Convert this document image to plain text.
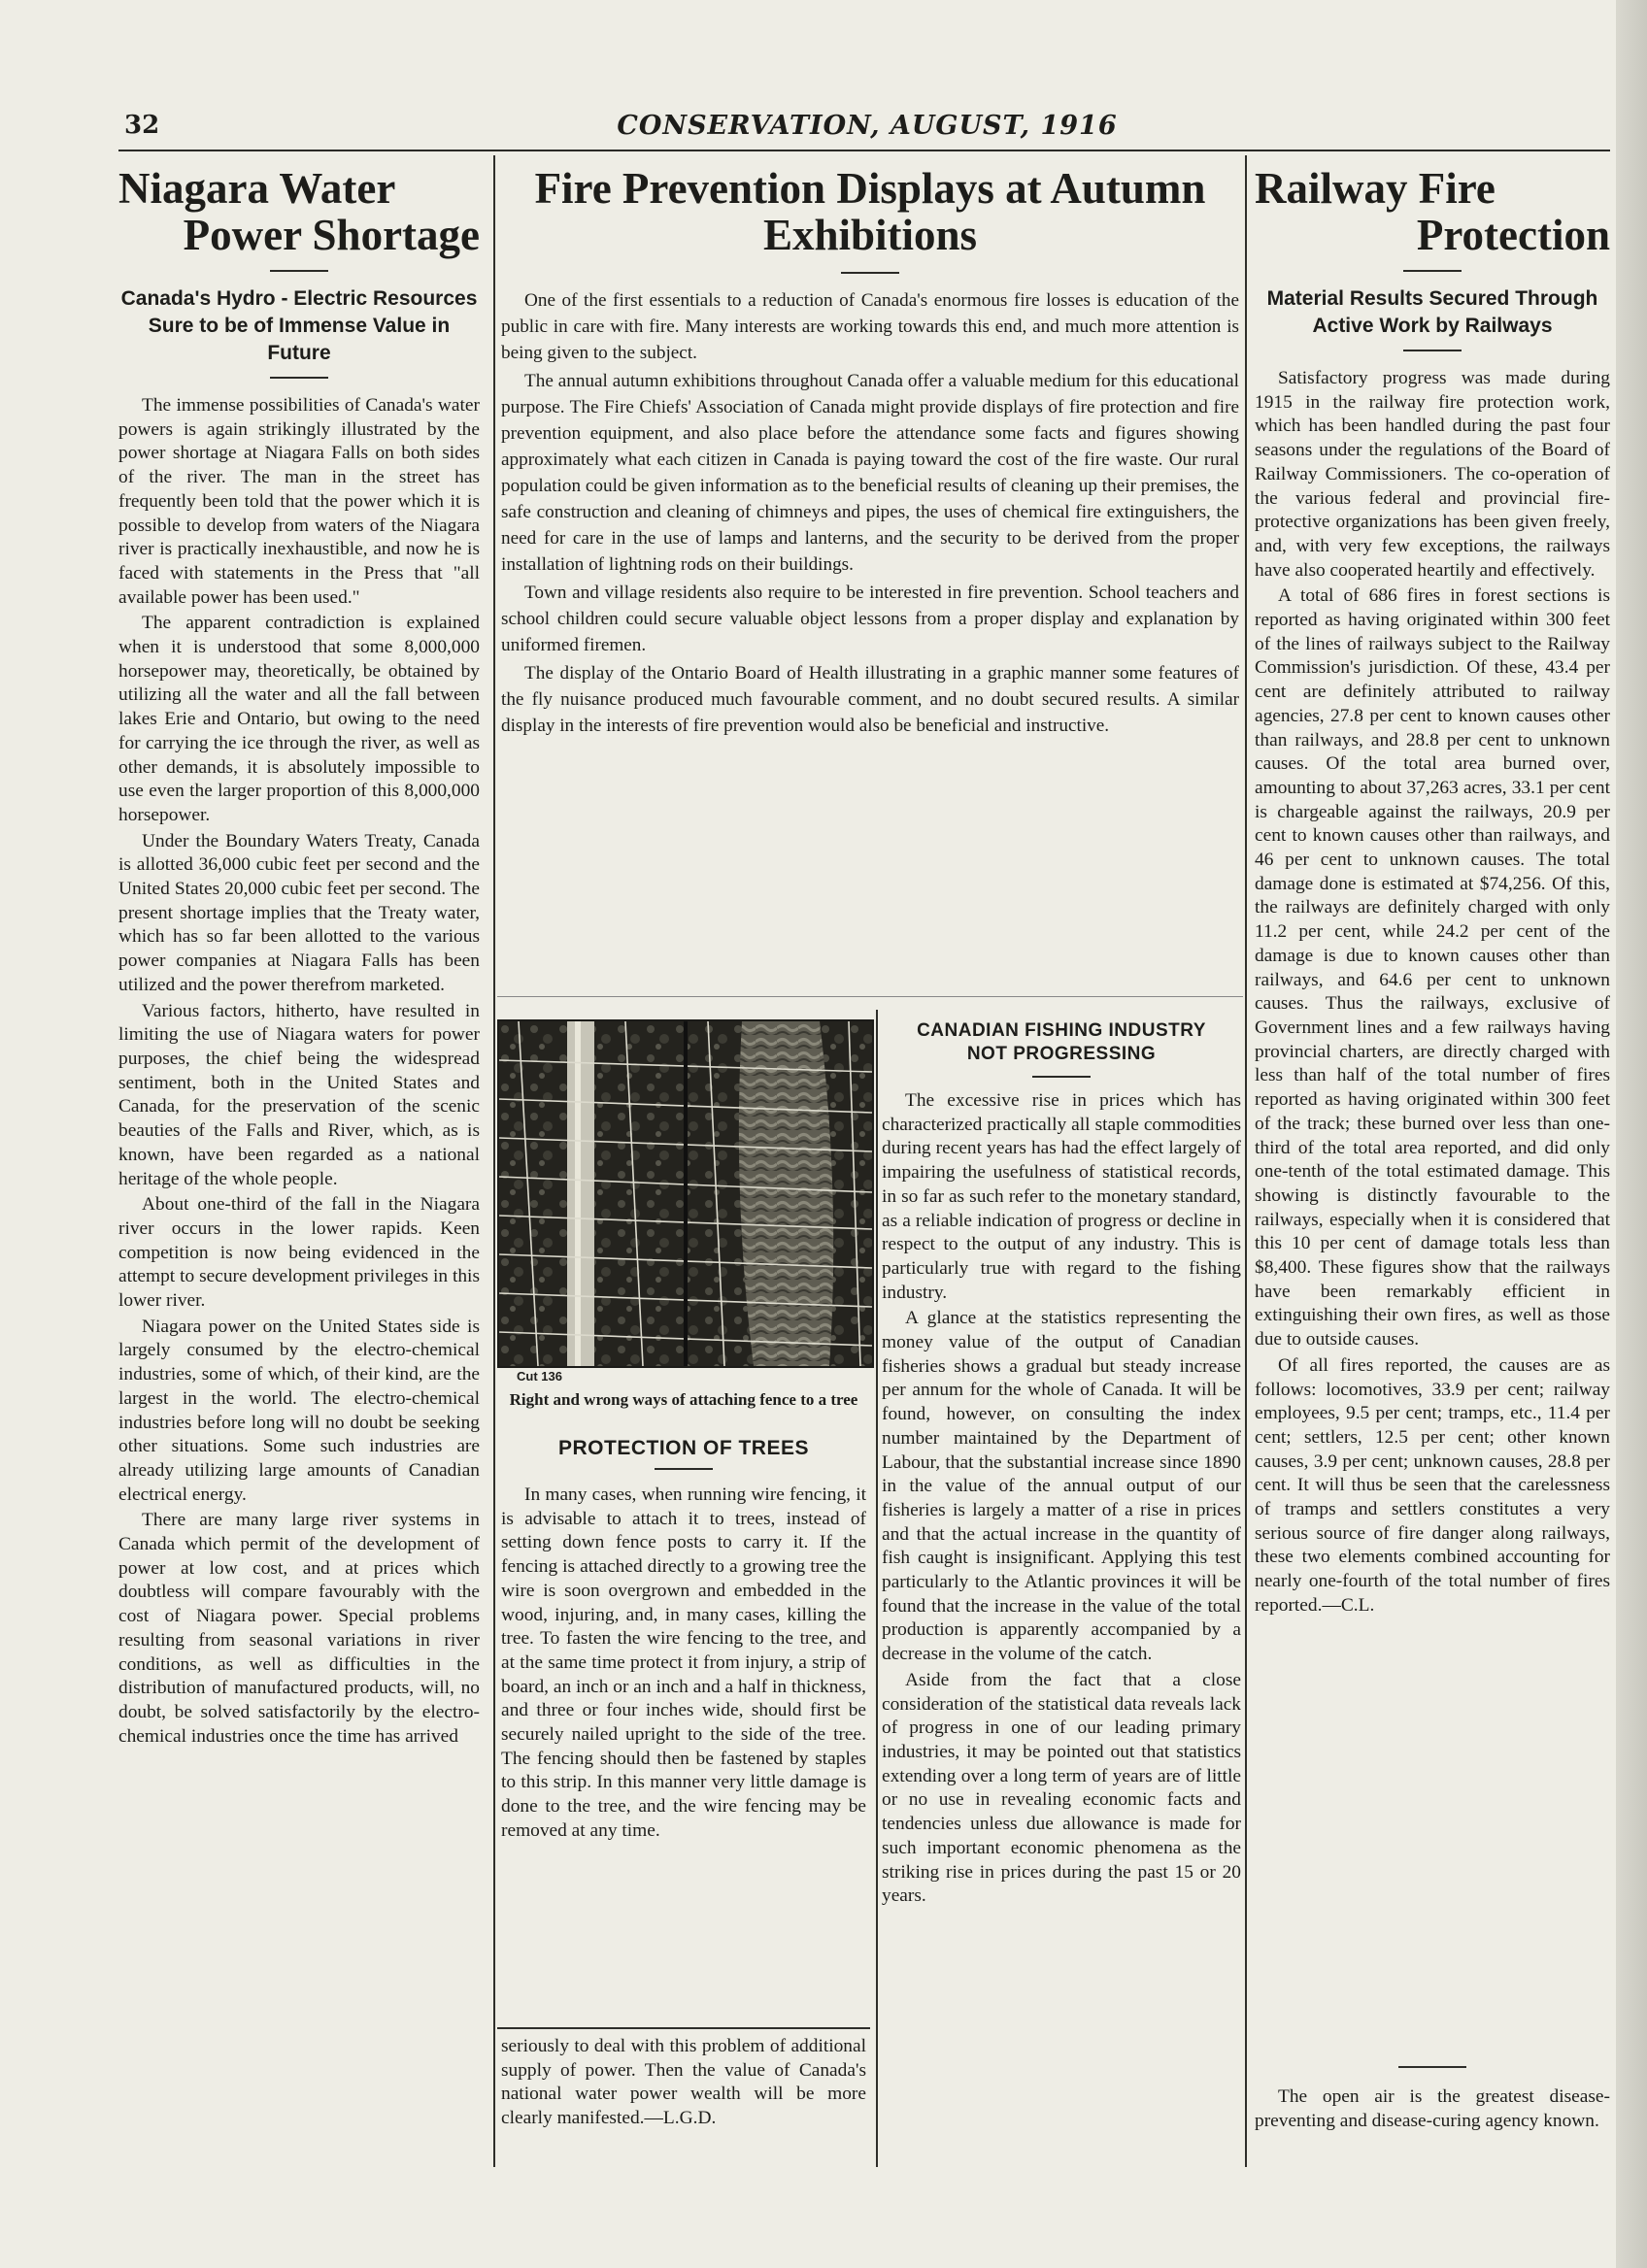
32	CONSERVATION, AUGUST, 1916
Niagara Water
Power Shortage

Canada's Hydro - Electric Resources Sure to be of Immense Value in Future

The immense possibilities of Canada's water powers is again strikingly illustrated by the power shortage at Niagara Falls on both sides of the river. The man in the street has frequently been told that the power which it is possible to develop from waters of the Niagara river is practically inexhaustible, and now he is faced with statements in the Press that "all available power has been used."

The apparent contradiction is explained when it is understood that some 8,000,000 horsepower may, theoretically, be obtained by utilizing all the water and all the fall between lakes Erie and Ontario, but owing to the need for carrying the ice through the river, as well as other demands, it is absolutely impossible to use even the larger proportion of this 8,000,000 horsepower.

Under the Boundary Waters Treaty, Canada is allotted 36,000 cubic feet per second and the United States 20,000 cubic feet per second. The present shortage implies that the Treaty water, which has so far been allotted to the various power companies at Niagara Falls has been utilized and the power therefrom marketed.

Various factors, hitherto, have resulted in limiting the use of Niagara waters for power purposes, the chief being the widespread sentiment, both in the United States and Canada, for the preservation of the scenic beauties of the Falls and River, which, as is known, have been regarded as a national heritage of the whole people.

About one-third of the fall in the Niagara river occurs in the lower rapids. Keen competition is now being evidenced in the attempt to secure development privileges in this lower river.

Niagara power on the United States side is largely consumed by the electro-chemical industries, some of which, of their kind, are the largest in the world. The electro-chemical industries before long will no doubt be seeking other situations. Some such industries are already utilizing large amounts of Canadian electrical energy.

There are many large river systems in Canada which permit of the development of power at low cost, and at prices which doubtless will compare favourably with the cost of Niagara power. Special problems resulting from seasonal variations in river conditions, as well as difficulties in the distribution of manufactured products, will, no doubt, be solved satisfactorily by the electro-chemical industries once the time has arrived

Fire Prevention Displays at Autumn
Exhibitions

One of the first essentials to a reduction of Canada's enormous fire losses is education of the public in care with fire. Many interests are working towards this end, and much more attention is being given to the subject.

The annual autumn exhibitions throughout Canada offer a valuable medium for this educational purpose. The Fire Chiefs' Association of Canada might provide displays of fire protection and fire prevention equipment, and also place before the attendance some facts and figures showing approximately what each citizen in Canada is paying toward the cost of the fire waste. Our rural population could be given information as to the beneficial results of cleaning up their premises, the safe construction and cleaning of chimneys and pipes, the uses of chemical fire extinguishers, the need for care in the use of lamps and lanterns, and the security to be derived from the proper installation of lightning rods on their buildings.

Town and village residents also require to be interested in fire prevention. School teachers and school children could secure valuable object lessons from a proper display and explanation by uniformed firemen.

The display of the Ontario Board of Health illustrating in a graphic manner some features of the fly nuisance produced much favourable comment, and no doubt secured results. A similar display in the interests of fire prevention would also be beneficial and instructive.

Cut 136

Right and wrong ways of attaching fence to a tree

PROTECTION OF TREES

In many cases, when running wire fencing, it is advisable to attach it to trees, instead of setting down fence posts to carry it. If the fencing is attached directly to a growing tree the wire is soon overgrown and embedded in the wood, injuring, and, in many cases, killing the tree. To fasten the wire fencing to the tree, and at the same time protect it from injury, a strip of board, an inch or an inch and a half in thickness, and three or four inches wide, should first be securely nailed upright to the side of the tree. The fencing should then be fastened by staples to this strip. In this manner very little damage is done to the tree, and the wire fencing may be removed at any time.

seriously to deal with this problem of additional supply of power. Then the value of Canada's national water power wealth will be more clearly manifested.—L.G.D.

CANADIAN FISHING INDUSTRY
NOT PROGRESSING

The excessive rise in prices which has characterized practically all staple commodities during recent years has had the effect largely of impairing the usefulness of statistical records, in so far as such refer to the monetary standard, as a reliable indication of progress or decline in respect to the output of any industry. This is particularly true with regard to the fishing industry.

A glance at the statistics representing the money value of the output of Canadian fisheries shows a gradual but steady increase per annum for the whole of Canada. It will be found, however, on consulting the index number maintained by the Department of Labour, that the substantial increase since 1890 in the value of the annual output of our fisheries is largely a matter of a rise in prices and that the actual increase in the quantity of fish caught is insignificant. Applying this test particularly to the Atlantic provinces it will be found that the increase in the value of the total production is apparently accompanied by a decrease in the volume of the catch.

Aside from the fact that a close consideration of the statistical data reveals lack of progress in one of our leading primary industries, it may be pointed out that statistics extending over a long term of years are of little or no use in revealing economic facts and tendencies unless due allowance is made for such important economic phenomena as the striking rise in prices during the past 15 or 20 years.

Railway Fire
Protection

Material Results Secured Through Active Work by Railways

Satisfactory progress was made during 1915 in the railway fire protection work, which has been handled during the past four seasons under the regulations of the Board of Railway Commissioners. The co-operation of the various federal and provincial fire-protective organizations has been given freely, and, with very few exceptions, the railways have also cooperated heartily and effectively.

A total of 686 fires in forest sections is reported as having originated within 300 feet of the lines of railways subject to the Railway Commission's jurisdiction. Of these, 43.4 per cent are definitely attributed to railway agencies, 27.8 per cent to known causes other than railways, and 28.8 per cent to unknown causes. Of the total area burned over, amounting to about 37,263 acres, 33.1 per cent is chargeable against the railways, 20.9 per cent to known causes other than railways, and 46 per cent to unknown causes. The total damage done is estimated at $74,256. Of this, the railways are definitely charged with only 11.2 per cent, while 24.2 per cent of the damage is due to known causes other than railways, and 64.6 per cent to unknown causes. Thus the railways, exclusive of Government lines and a few railways having provincial charters, are directly charged with less than half of the total number of fires reported as having originated within 300 feet of the track; these burned over less than one-third of the total area reported, and did only one-tenth of the total estimated damage. This showing is distinctly favourable to the railways, especially when it is considered that this 10 per cent of damage totals less than $8,400. These figures show that the railways have been remarkably efficient in extinguishing their own fires, as well as those due to outside causes.

Of all fires reported, the causes are as follows: locomotives, 33.9 per cent; railway employees, 9.5 per cent; tramps, etc., 11.4 per cent; settlers, 12.5 per cent; other known causes, 3.9 per cent; unknown causes, 28.8 per cent. It will thus be seen that the carelessness of tramps and settlers constitutes a very serious source of fire danger along railways, these two elements combined accounting for nearly one-fourth of the total number of fires reported.—C.L.

The open air is the greatest disease-preventing and disease-curing agency known.
